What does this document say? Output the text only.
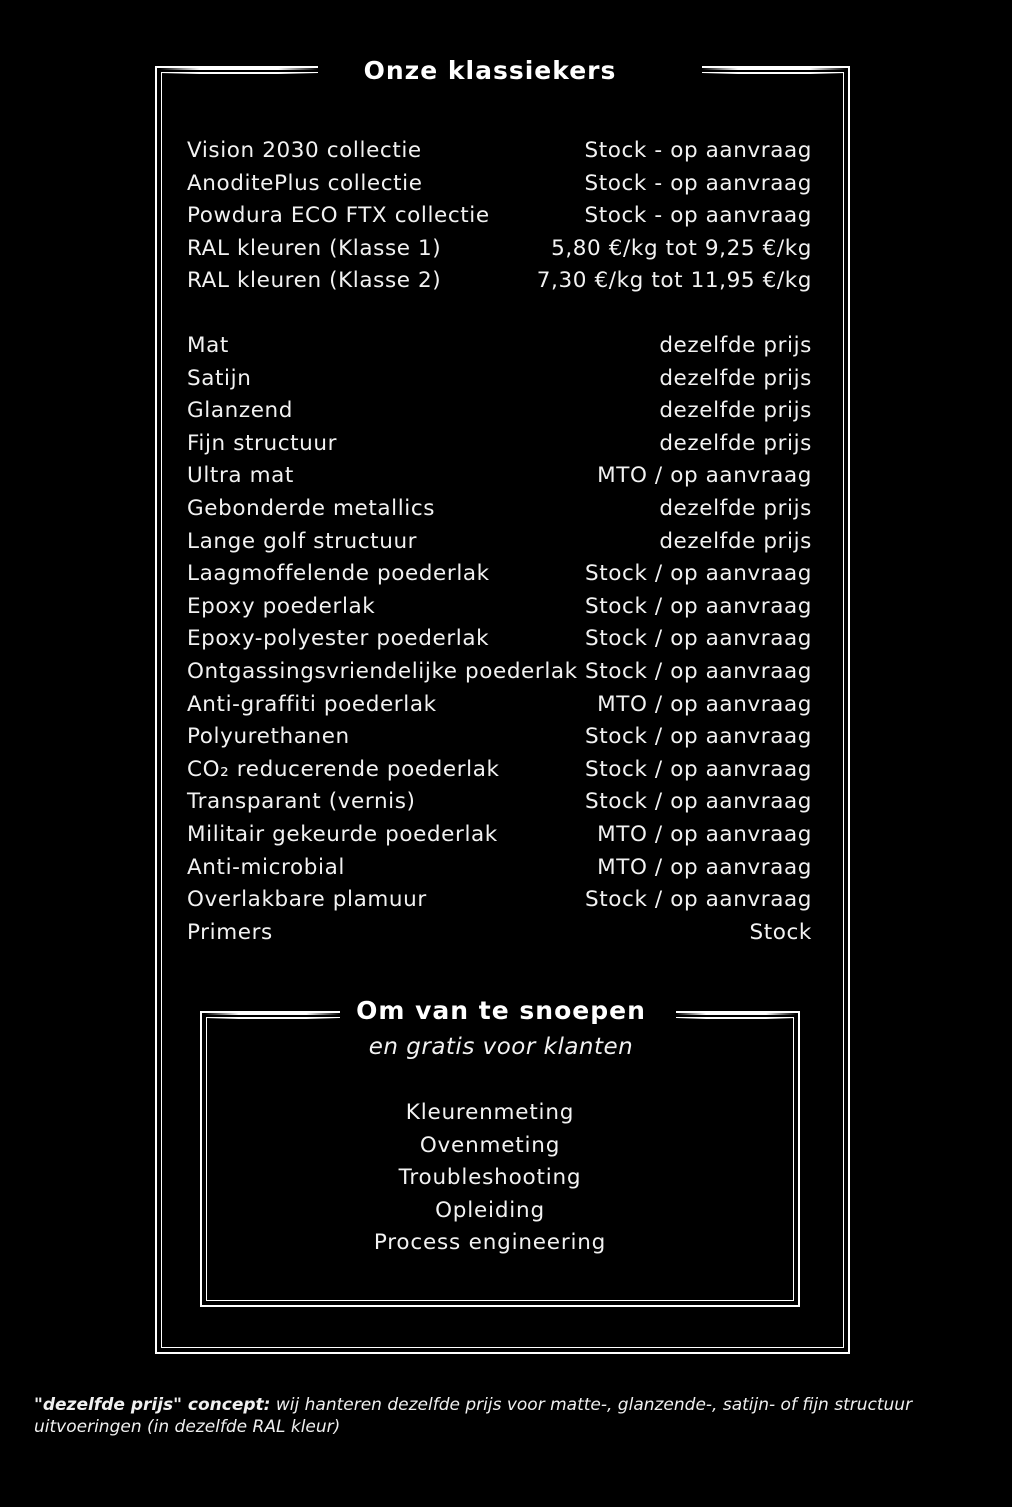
Onze klassiekers
Vision 2030 collectie	Stock - op aanvraag
AnoditePlus collectie	Stock - op aanvraag
Powdura ECO FTX collectie	Stock - op aanvraag
RAL kleuren (Klasse 1)	5,80 €/kg tot 9,25 €/kg
RAL kleuren (Klasse 2)	7,30 €/kg tot 11,95 €/kg
Mat	dezelfde prijs
Satijn	dezelfde prijs
Glanzend	dezelfde prijs
Fijn structuur	dezelfde prijs
Ultra mat	MTO / op aanvraag
Gebonderde metallics	dezelfde prijs
Lange golf structuur	dezelfde prijs
Laagmoffelende poederlak	Stock / op aanvraag
Epoxy poederlak	Stock / op aanvraag
Epoxy-polyester poederlak	Stock / op aanvraag
Ontgassingsvriendelijke poederlak Stock / op aanvraag
Anti-graffiti poederlak	MTO / op aanvraag
Polyurethanen	Stock / op aanvraag
CO₂ reducerende poederlak	Stock / op aanvraag
Transparant (vernis)	Stock / op aanvraag
Militair gekeurde poederlak	MTO / op aanvraag
Anti-microbial	MTO / op aanvraag
Overlakbare plamuur	Stock / op aanvraag
Primers	Stock
Om van te snoepen
en gratis voor klanten
Kleurenmeting
Ovenmeting
Troubleshooting
Opleiding
Process engineering
"dezelfde prijs" concept: wij hanteren dezelfde prijs voor matte-, glanzende-, satijn- of fijn structuur uitvoeringen (in dezelfde RAL kleur)
